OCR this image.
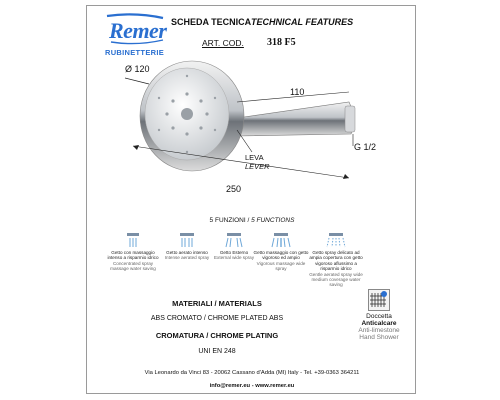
Remer
RUBINETTERIE
SCHEDA TECNICA TECHNICAL FEATURES
ART. COD. 318 F5
Ø 120
110
G 1/2
250
LEVA
LEVER
5 FUNZIONI / 5 FUNCTIONS
Getto con massaggio intenso a risparmio idrico
Concentrated spray massage water saving
Getto aerato intenso
Intense aerated spray
Getto Esterno
External wide spray
Getto massaggio con getto vigoroso ed ampio
Vigorous massage wide spray
Getto spray delicato ad ampia copertura con getto vigoroso aflussimo a risparmio idrico
Gentle aerated spray wide medium coverage water saving
MATERIALI / MATERIALS
ABS CROMATO / CHROME PLATED ABS
CROMATURA / CHROME PLATING
UNI EN 248
Doccetta
Anticalcare
Anti-limestone
Hand Shower
Via Leonardo da Vinci 83 - 20062 Cassano d'Adda (MI) Italy - Tel. +39-0363 364211
info@remer.eu - www.remer.eu
